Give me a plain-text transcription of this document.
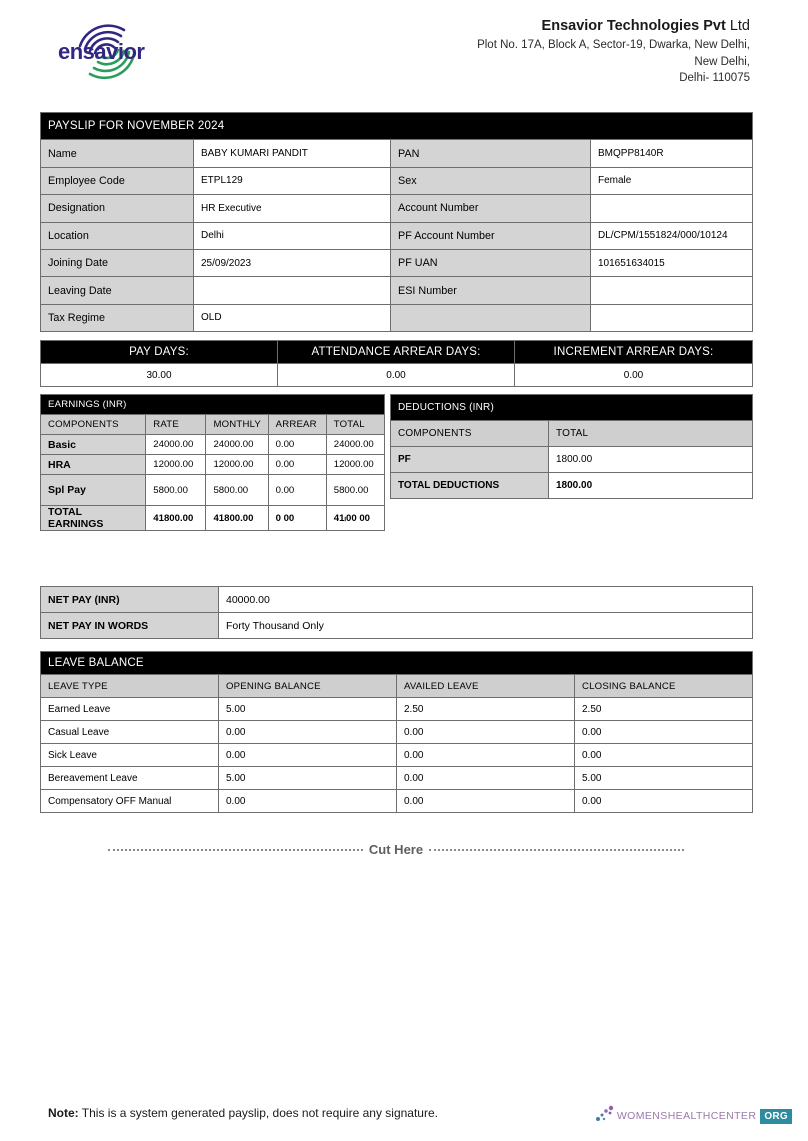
ensavior
Ensavior Technologies Pvt Ltd
Plot No. 17A, Block A, Sector-19, Dwarka, New Delhi,
New Delhi,
Delhi- 110075
PAYSLIP FOR NOVEMBER 2024			
Name	BABY KUMARI PANDIT	PAN	BMQPP8140R
Employee Code	ETPL129	Sex	Female
Designation	HR Executive	Account Number	
Location	Delhi	PF Account Number	DL/CPM/1551824/000/10124
Joining Date	25/09/2023	PF UAN	101651634015
Leaving Date		ESI Number	
Tax Regime	OLD		
PAY DAYS:	ATTENDANCE ARREAR DAYS:	INCREMENT ARREAR DAYS:
30.00	0.00	0.00
EARNINGS (INR)				
COMPONENTS	RATE	MONTHLY	ARREAR	TOTAL
Basic	24000.00	24000.00	0.00	24000.00
HRA	12000.00	12000.00	0.00	12000.00
Spl Pay	5800.00	5800.00	0.00	5800.00
TOTAL EARNINGS	41800.00	41800.00	0 00	41ₗ00 00
DEDUCTIONS (INR)	
COMPONENTS	TOTAL
PF	1800.00
TOTAL DEDUCTIONS	1800.00
NET PAY (INR)	40000.00
NET PAY IN WORDS	Forty Thousand Only
LEAVE BALANCE			
LEAVE TYPE	OPENING BALANCE	AVAILED LEAVE	CLOSING BALANCE
Earned Leave	5.00	2.50	2.50
Casual Leave	0.00	0.00	0.00
Sick Leave	0.00	0.00	0.00
Bereavement Leave	5.00	0.00	5.00
Compensatory OFF Manual	0.00	0.00	0.00
Cut Here
Note: This is a system generated payslip, does not require any signature.	WOMENSHEALTHCENTER ORG
